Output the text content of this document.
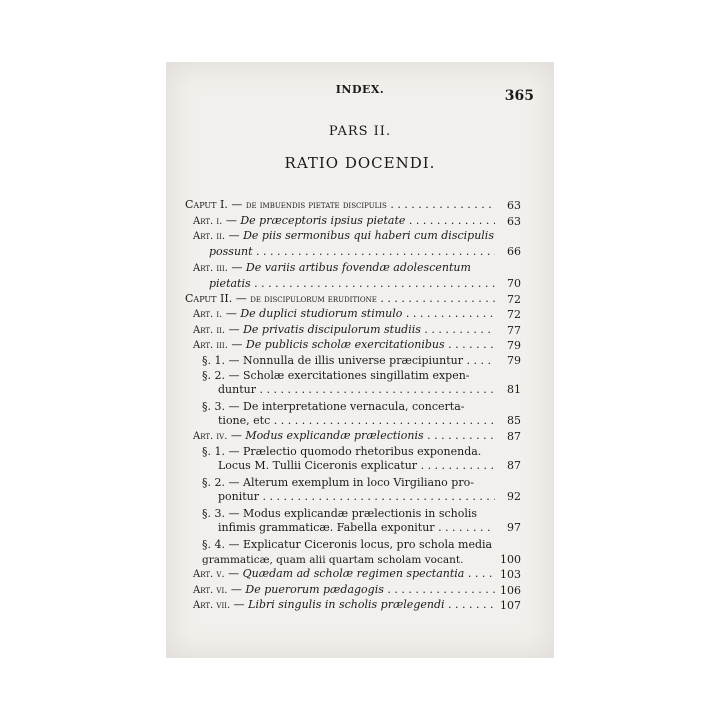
INDEX.	365
PARS II.
RATIO DOCENDI.
Caput I. — de imbuendis pietate discipulis . . .	63
Art. i. — De præceptoris ipsius pietate . . .	63
Art. ii. — De piis sermonibus qui haberi cum discipulis
possunt . . .	66
Art. iii. — De variis artibus fovendæ adolescentum
pietatis . . .	70
Caput II. — de discipulorum eruditione . . .	72
Art. i. — De duplici studiorum stimulo . . .	72
Art. ii. — De privatis discipulorum studiis . . .	77
Art. iii. — De publicis scholæ exercitationibus . . .	79
§. 1. — Nonnulla de illis universe præcipiuntur . . .	79
§. 2. — Scholæ exercitationes singillatim expen-
duntur . . .	81
§. 3. — De interpretatione vernacula, concerta-
tione, etc . . .	85
Art. iv. — Modus explicandæ prælectionis . . .	87
§. 1. — Prælectio quomodo rhetoribus exponenda.
Locus M. Tullii Ciceronis explicatur . . .	87
§. 2. — Alterum exemplum in loco Virgiliano pro-
ponitur . . .	92
§. 3. — Modus explicandæ prælectionis in scholis
infimis grammaticæ. Fabella exponitur . . .	97
§. 4. — Explicatur Ciceronis locus, pro schola media
grammaticæ, quam alii quartam scholam vocant.	100
Art. v. — Quædam ad scholæ regimen spectantia . . .	103
Art. vi. — De puerorum pædagogis . . .	106
Art. vii. — Libri singulis in scholis prælegendi . . .	107
